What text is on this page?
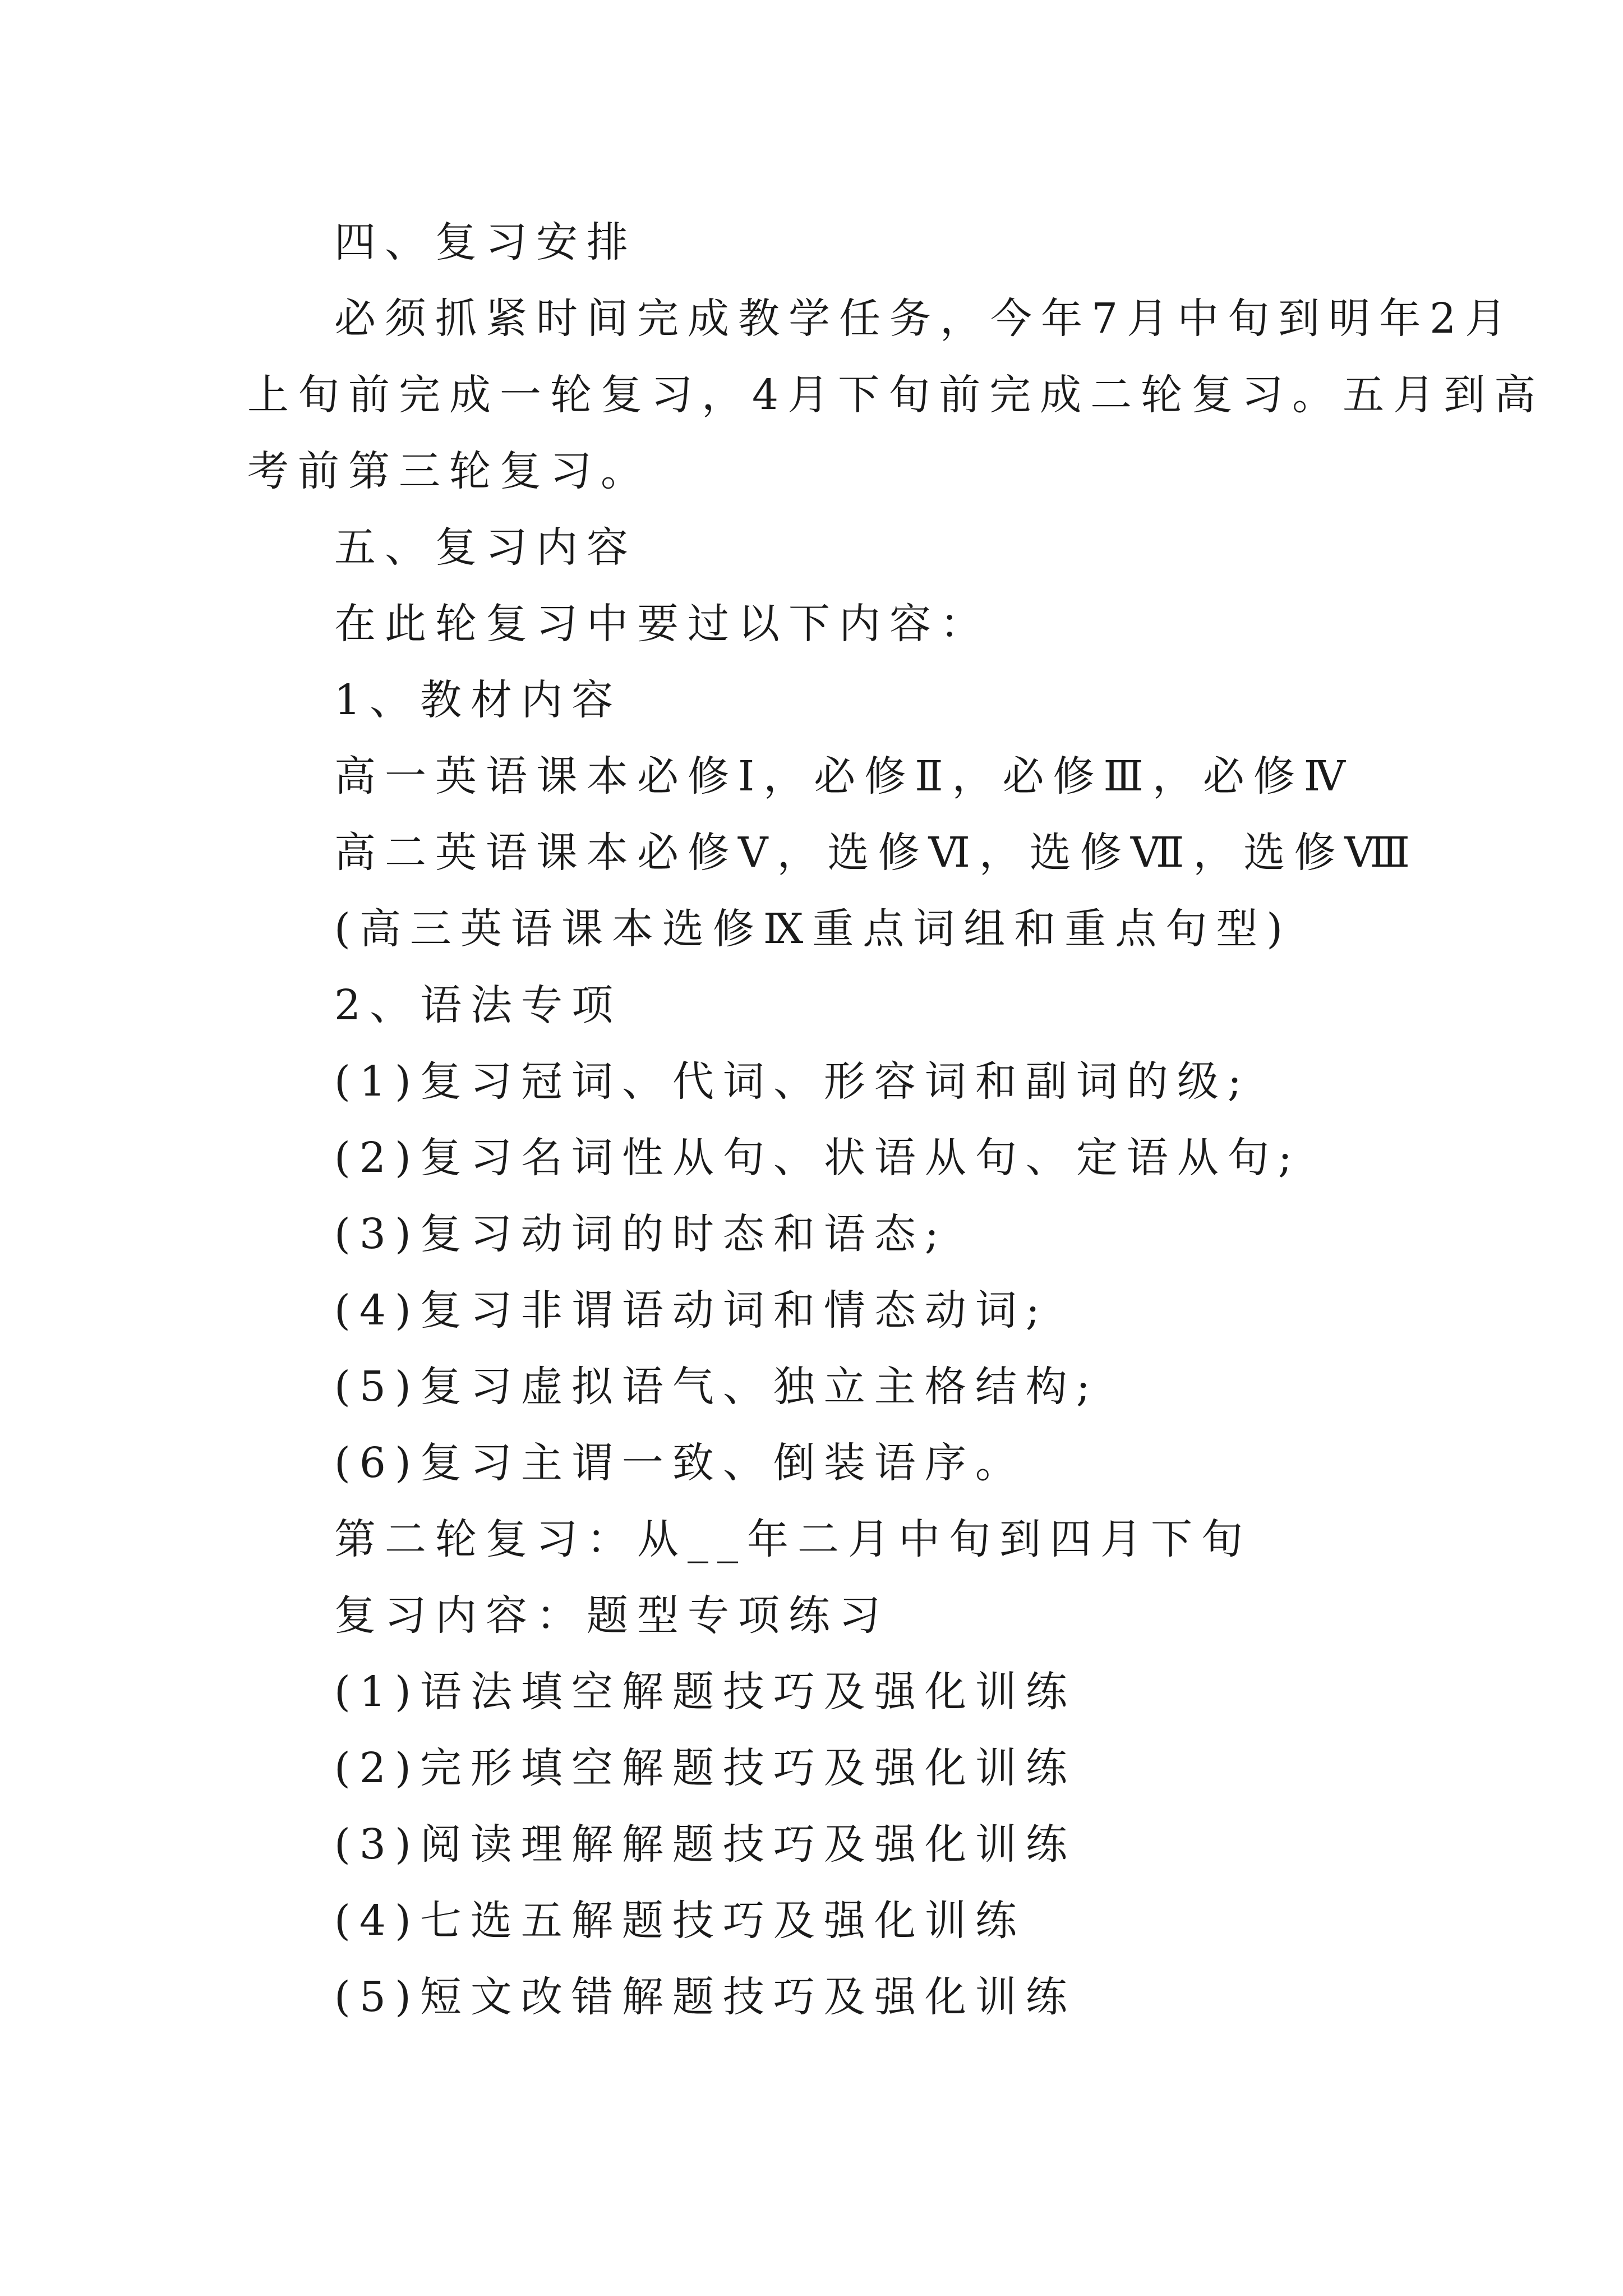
四、复习安排
必须抓紧时间完成教学任务，今年7月中旬到明年2月
上旬前完成一轮复习，4月下旬前完成二轮复习。五月到高
考前第三轮复习。
五、复习内容
在此轮复习中要过以下内容：
1、教材内容
高一英语课本必修Ⅰ，必修Ⅱ，必修Ⅲ，必修Ⅳ
高二英语课本必修Ⅴ，选修Ⅵ，选修Ⅶ，选修Ⅷ
(高三英语课本选修Ⅸ重点词组和重点句型)
2、语法专项
(1)复习冠词、代词、形容词和副词的级;
(2)复习名词性从句、状语从句、定语从句;
(3)复习动词的时态和语态;
(4)复习非谓语动词和情态动词;
(5)复习虚拟语气、独立主格结构;
(6)复习主谓一致、倒装语序。
第二轮复习：从__年二月中旬到四月下旬
复习内容：题型专项练习
(1)语法填空解题技巧及强化训练
(2)完形填空解题技巧及强化训练
(3)阅读理解解题技巧及强化训练
(4)七选五解题技巧及强化训练
(5)短文改错解题技巧及强化训练
